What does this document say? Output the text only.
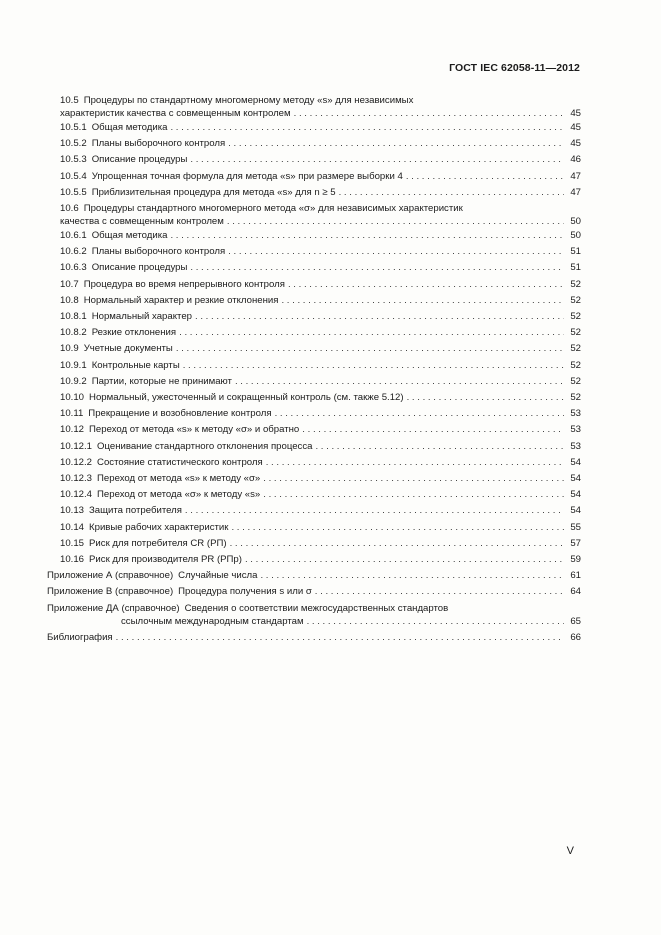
ГОСТ IEC 62058-11—2012
10.5 Процедуры по стандартному многомерному методу «s» для независимых
характеристик качества с совмещенным контролем . . .	45
10.5.1 Общая методика . . .	45
10.5.2 Планы выборочного контроля . . .	45
10.5.3 Описание процедуры . . .	46
10.5.4 Упрощенная точная формула для метода «s» при размере выборки 4 . . .	47
10.5.5 Приблизительная процедура для метода «s» для n ≥ 5 . . .	47
10.6 Процедуры стандартного многомерного метода «σ» для независимых характеристик
качества с совмещенным контролем . . .	50
10.6.1 Общая методика . . .	50
10.6.2 Планы выборочного контроля . . .	51
10.6.3 Описание процедуры . . .	51
10.7 Процедура во время непрерывного контроля . . .	52
10.8 Нормальный характер и резкие отклонения . . .	52
10.8.1 Нормальный характер . . .	52
10.8.2 Резкие отклонения . . .	52
10.9 Учетные документы . . .	52
10.9.1 Контрольные карты . . .	52
10.9.2 Партии, которые не принимают . . .	52
10.10 Нормальный, ужесточенный и сокращенный контроль (см. также 5.12) . . .	52
10.11 Прекращение и возобновление контроля . . .	53
10.12 Переход от метода «s» к методу «σ» и обратно . . .	53
10.12.1 Оценивание стандартного отклонения процесса . . .	53
10.12.2 Состояние статистического контроля . . .	54
10.12.3 Переход от метода «s» к методу «σ» . . .	54
10.12.4 Переход от метода «σ» к методу «s» . . .	54
10.13 Защита потребителя . . .	54
10.14 Кривые рабочих характеристик . . .	55
10.15 Риск для потребителя CR (РП) . . .	57
10.16 Риск для производителя PR (РПр) . . .	59
Приложение А (справочное) Случайные числа . . .	61
Приложение В (справочное) Процедура получения s или σ . . .	64
Приложение ДА (справочное) Сведения о соответствии межгосударственных стандартов
ссылочным международным стандартам . . .	65
Библиография . . .	66
V
